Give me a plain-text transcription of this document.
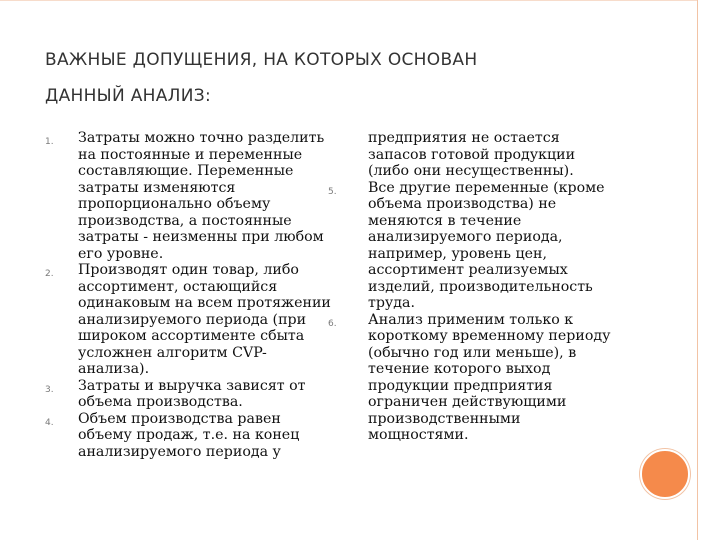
ВАЖНЫЕ ДОПУЩЕНИЯ, НА КОТОРЫХ ОСНОВАН
ДАННЫЙ АНАЛИЗ:
1. Затраты можно точно разделить на постоянные и переменные составляющие. Переменные затраты изменяются пропорционально объему производства, а постоянные затраты - неизменны при любом его уровне.
2. Производят один товар, либо ассортимент, остающийся одинаковым на всем протяжении анализируемого периода (при широком ассортименте сбыта усложнен алгоритм CVP-анализа).
3. Затраты и выручка зависят от объема производства.
4. Объем производства равен объему продаж, т.е. на конец анализируемого периода у
предприятия не остается запасов готовой продукции (либо они несущественны).
5. Все другие переменные (кроме объема производства) не меняются в течение анализируемого периода, например, уровень цен, ассортимент реализуемых изделий, производительность труда.
6. Анализ применим только к короткому временному периоду (обычно год или меньше), в течение которого выход продукции предприятия ограничен действующими производственными мощностями.
